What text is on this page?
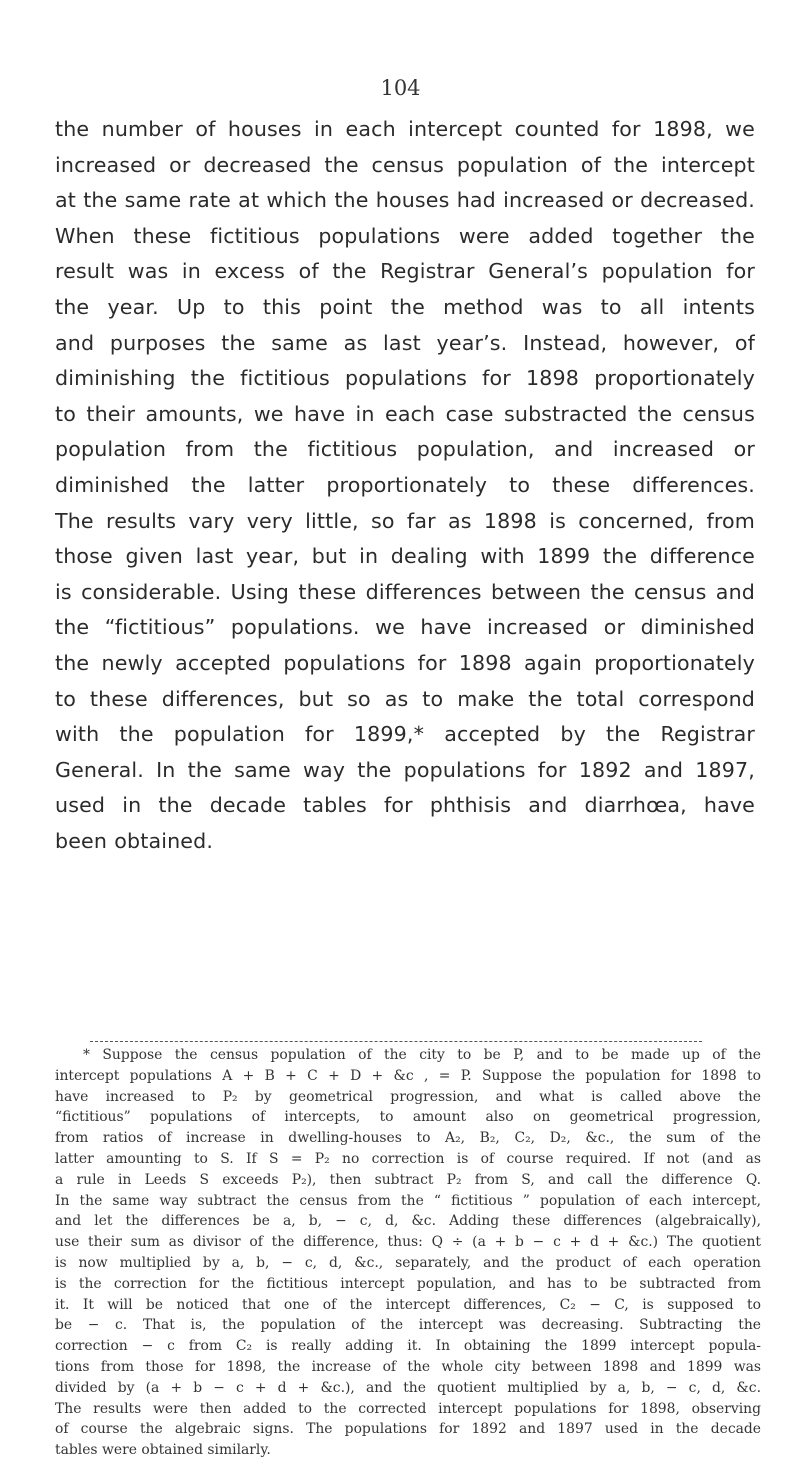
104
the number of houses in each intercept counted for 1898, we
increased or decreased the census population of the intercept
at the same rate at which the houses had increased or decreased.
When these fictitious populations were added together the
result was in excess of the Registrar General’s population for
the year. Up to this point the method was to all intents
and purposes the same as last year’s. Instead, however, of
diminishing the fictitious populations for 1898 proportionately
to their amounts, we have in each case substracted the census
population from the fictitious population, and increased or
diminished the latter proportionately to these differences.
The results vary very little, so far as 1898 is concerned, from
those given last year, but in dealing with 1899 the difference
is considerable. Using these differences between the census and
the “fictitious” populations. we have increased or diminished
the newly accepted populations for 1898 again proportionately
to these differences, but so as to make the total correspond
with the population for 1899,* accepted by the Registrar
General. In the same way the populations for 1892 and 1897,
used in the decade tables for phthisis and diarrhœa, have
been obtained.
* Suppose the census population of the city to be P, and to be made up of the
intercept populations A + B + C + D + &c , = P. Suppose the population for 1898 to
have increased to P₂ by geometrical progression, and what is called above the
“fictitious” populations of intercepts, to amount also on geometrical progression,
from ratios of increase in dwelling-houses to A₂, B₂, C₂, D₂, &c., the sum of the
latter amounting to S. If S = P₂ no correction is of course required. If not (and as
a rule in Leeds S exceeds P₂), then subtract P₂ from S, and call the difference Q.
In the same way subtract the census from the “ fictitious ” population of each intercept,
and let the differences be a, b, − c, d, &c. Adding these differences (algebraically),
use their sum as divisor of the difference, thus: Q ÷ (a + b − c + d + &c.) The quotient
is now multiplied by a, b, − c, d, &c., separately, and the product of each operation
is the correction for the fictitious intercept population, and has to be subtracted from
it. It will be noticed that one of the intercept differences, C₂ − C, is supposed to
be − c. That is, the population of the intercept was decreasing. Subtracting the
correction − c from C₂ is really adding it. In obtaining the 1899 intercept popula-
tions from those for 1898, the increase of the whole city between 1898 and 1899 was
divided by (a + b − c + d + &c.), and the quotient multiplied by a, b, − c, d, &c.
The results were then added to the corrected intercept populations for 1898, observing
of course the algebraic signs. The populations for 1892 and 1897 used in the decade
tables were obtained similarly.
